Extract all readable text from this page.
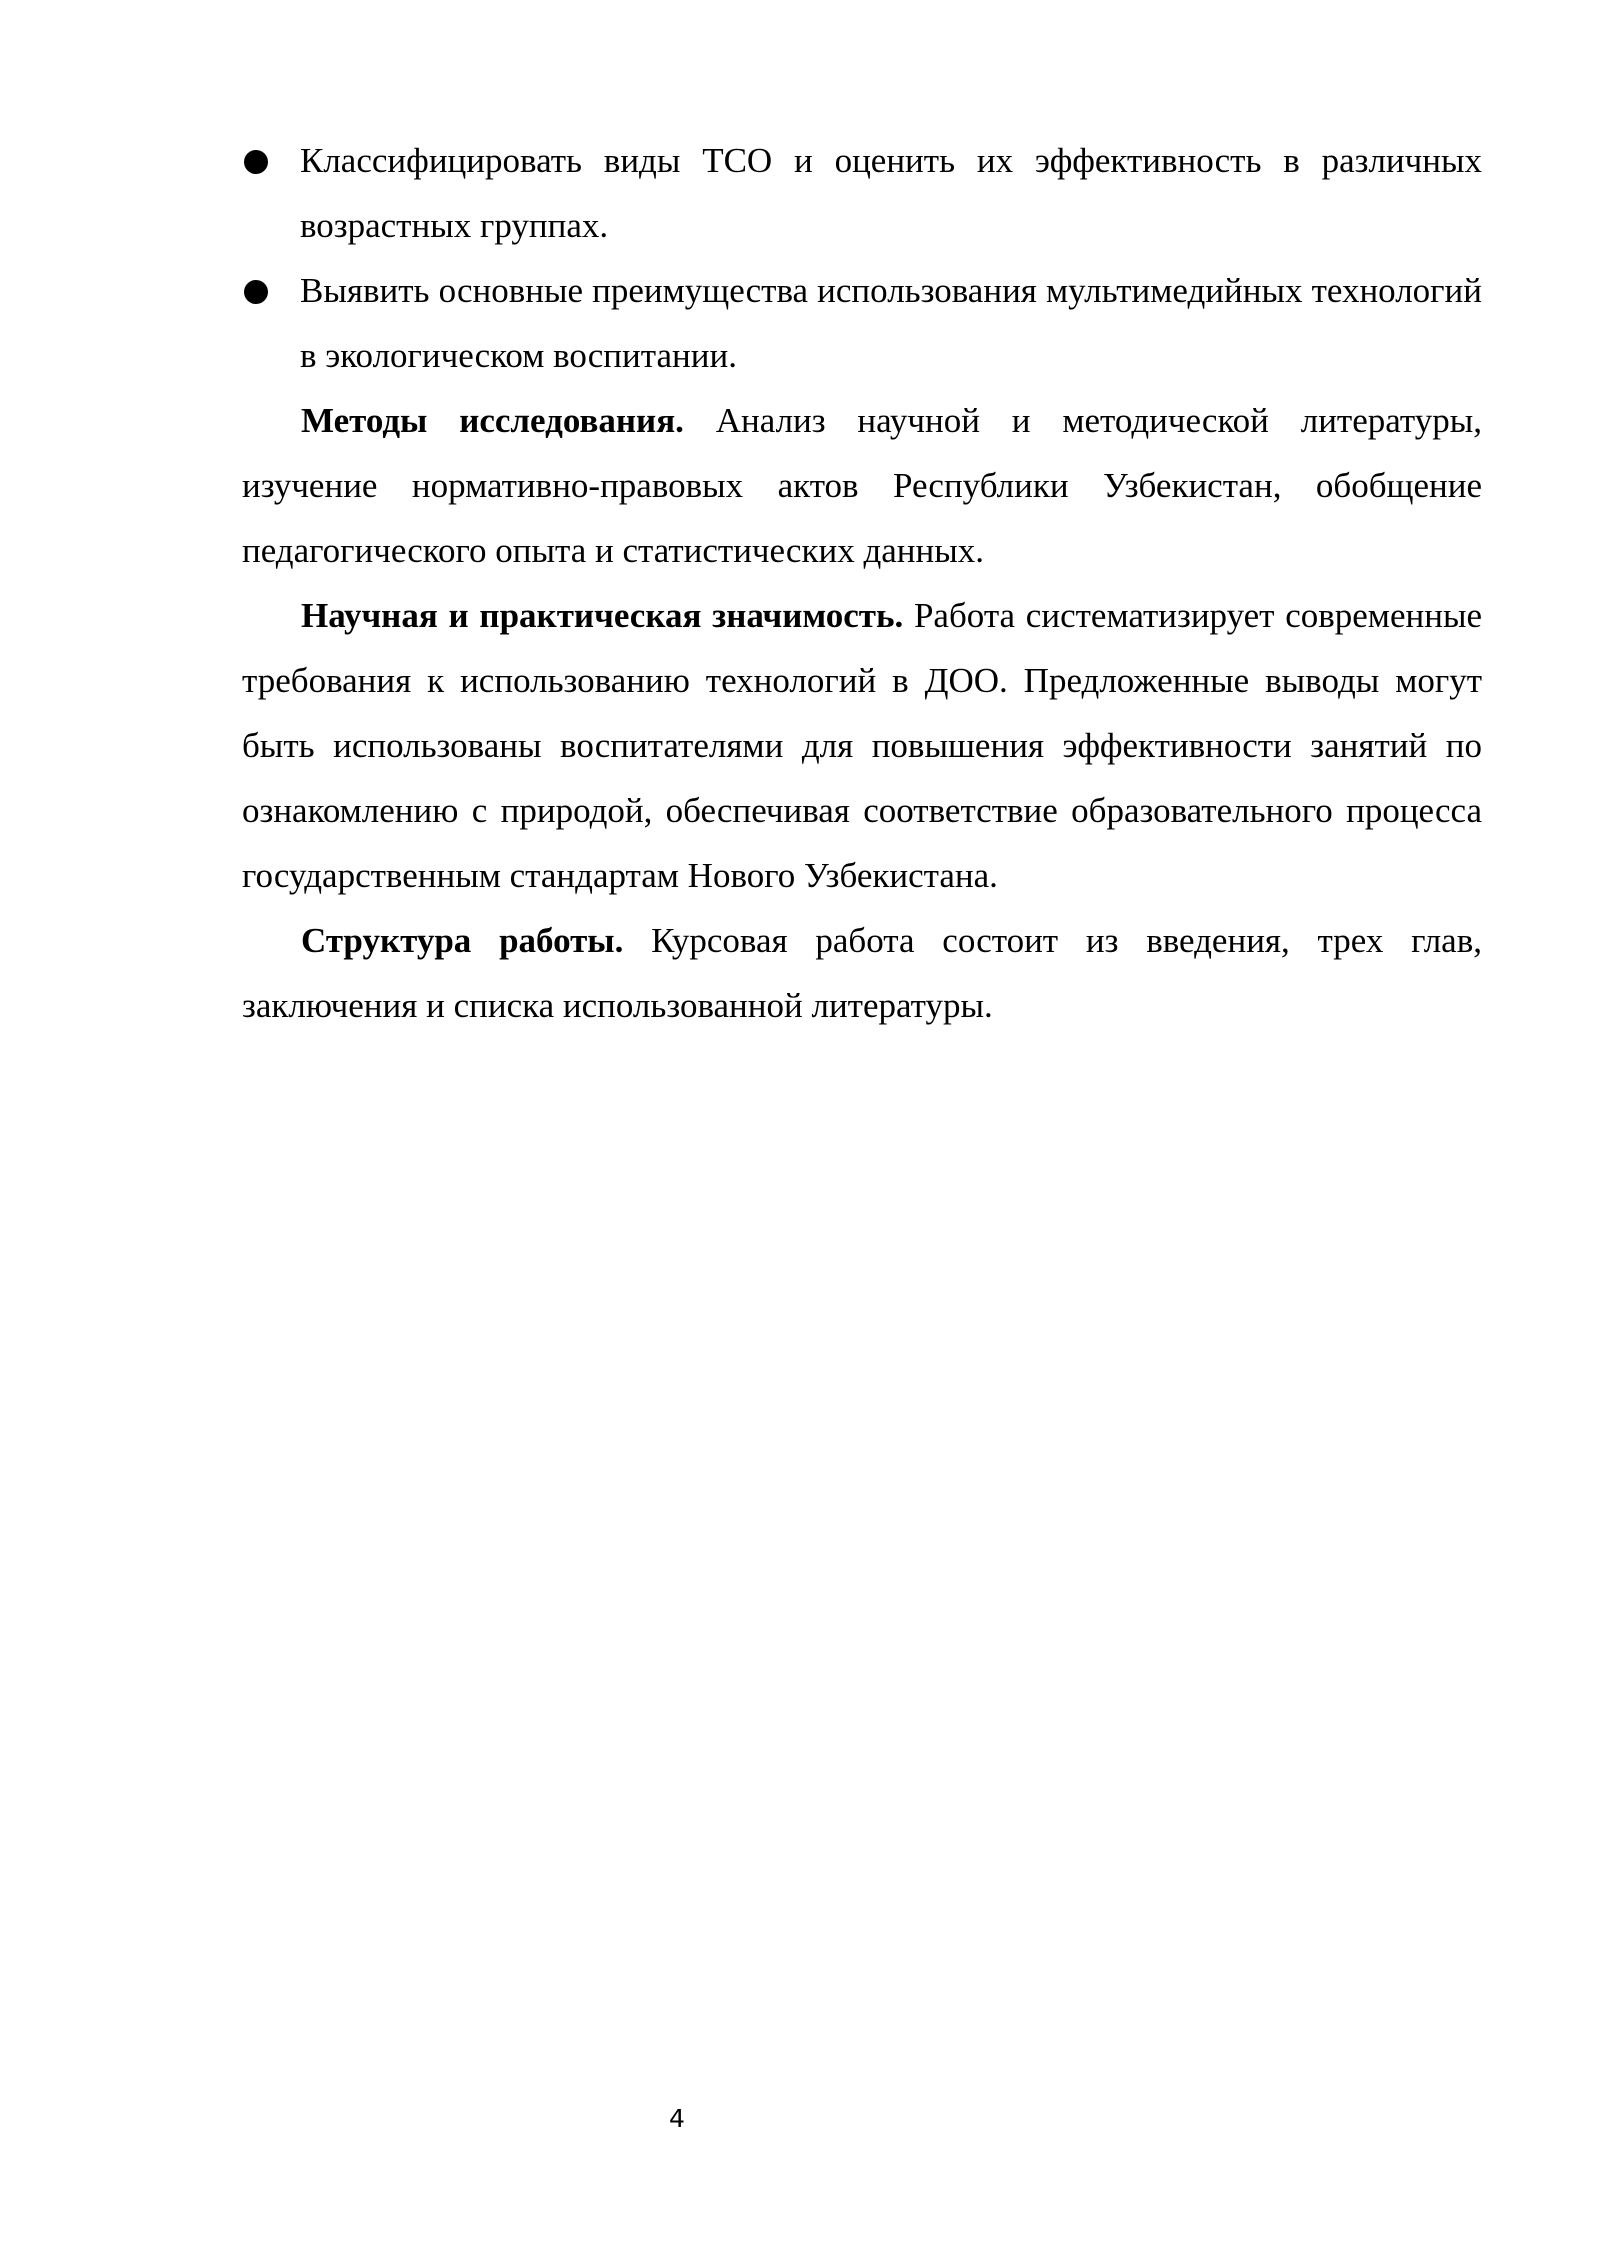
Классифицировать виды ТСО и оценить их эффективность в различных возрастных группах.
Выявить основные преимущества использования мультимедийных технологий в экологическом воспитании.

Методы исследования. Анализ научной и методической литературы, изучение нормативно-правовых актов Республики Узбекистан, обобщение педагогического опыта и статистических данных.

Научная и практическая значимость. Работа систематизирует современные требования к использованию технологий в ДОО. Предложенные выводы могут быть использованы воспитателями для повышения эффективности занятий по ознакомлению с природой, обеспечивая соответствие образовательного процесса государственным стандартам Нового Узбекистана.

Структура работы. Курсовая работа состоит из введения, трех глав, заключения и списка использованной литературы.

4
